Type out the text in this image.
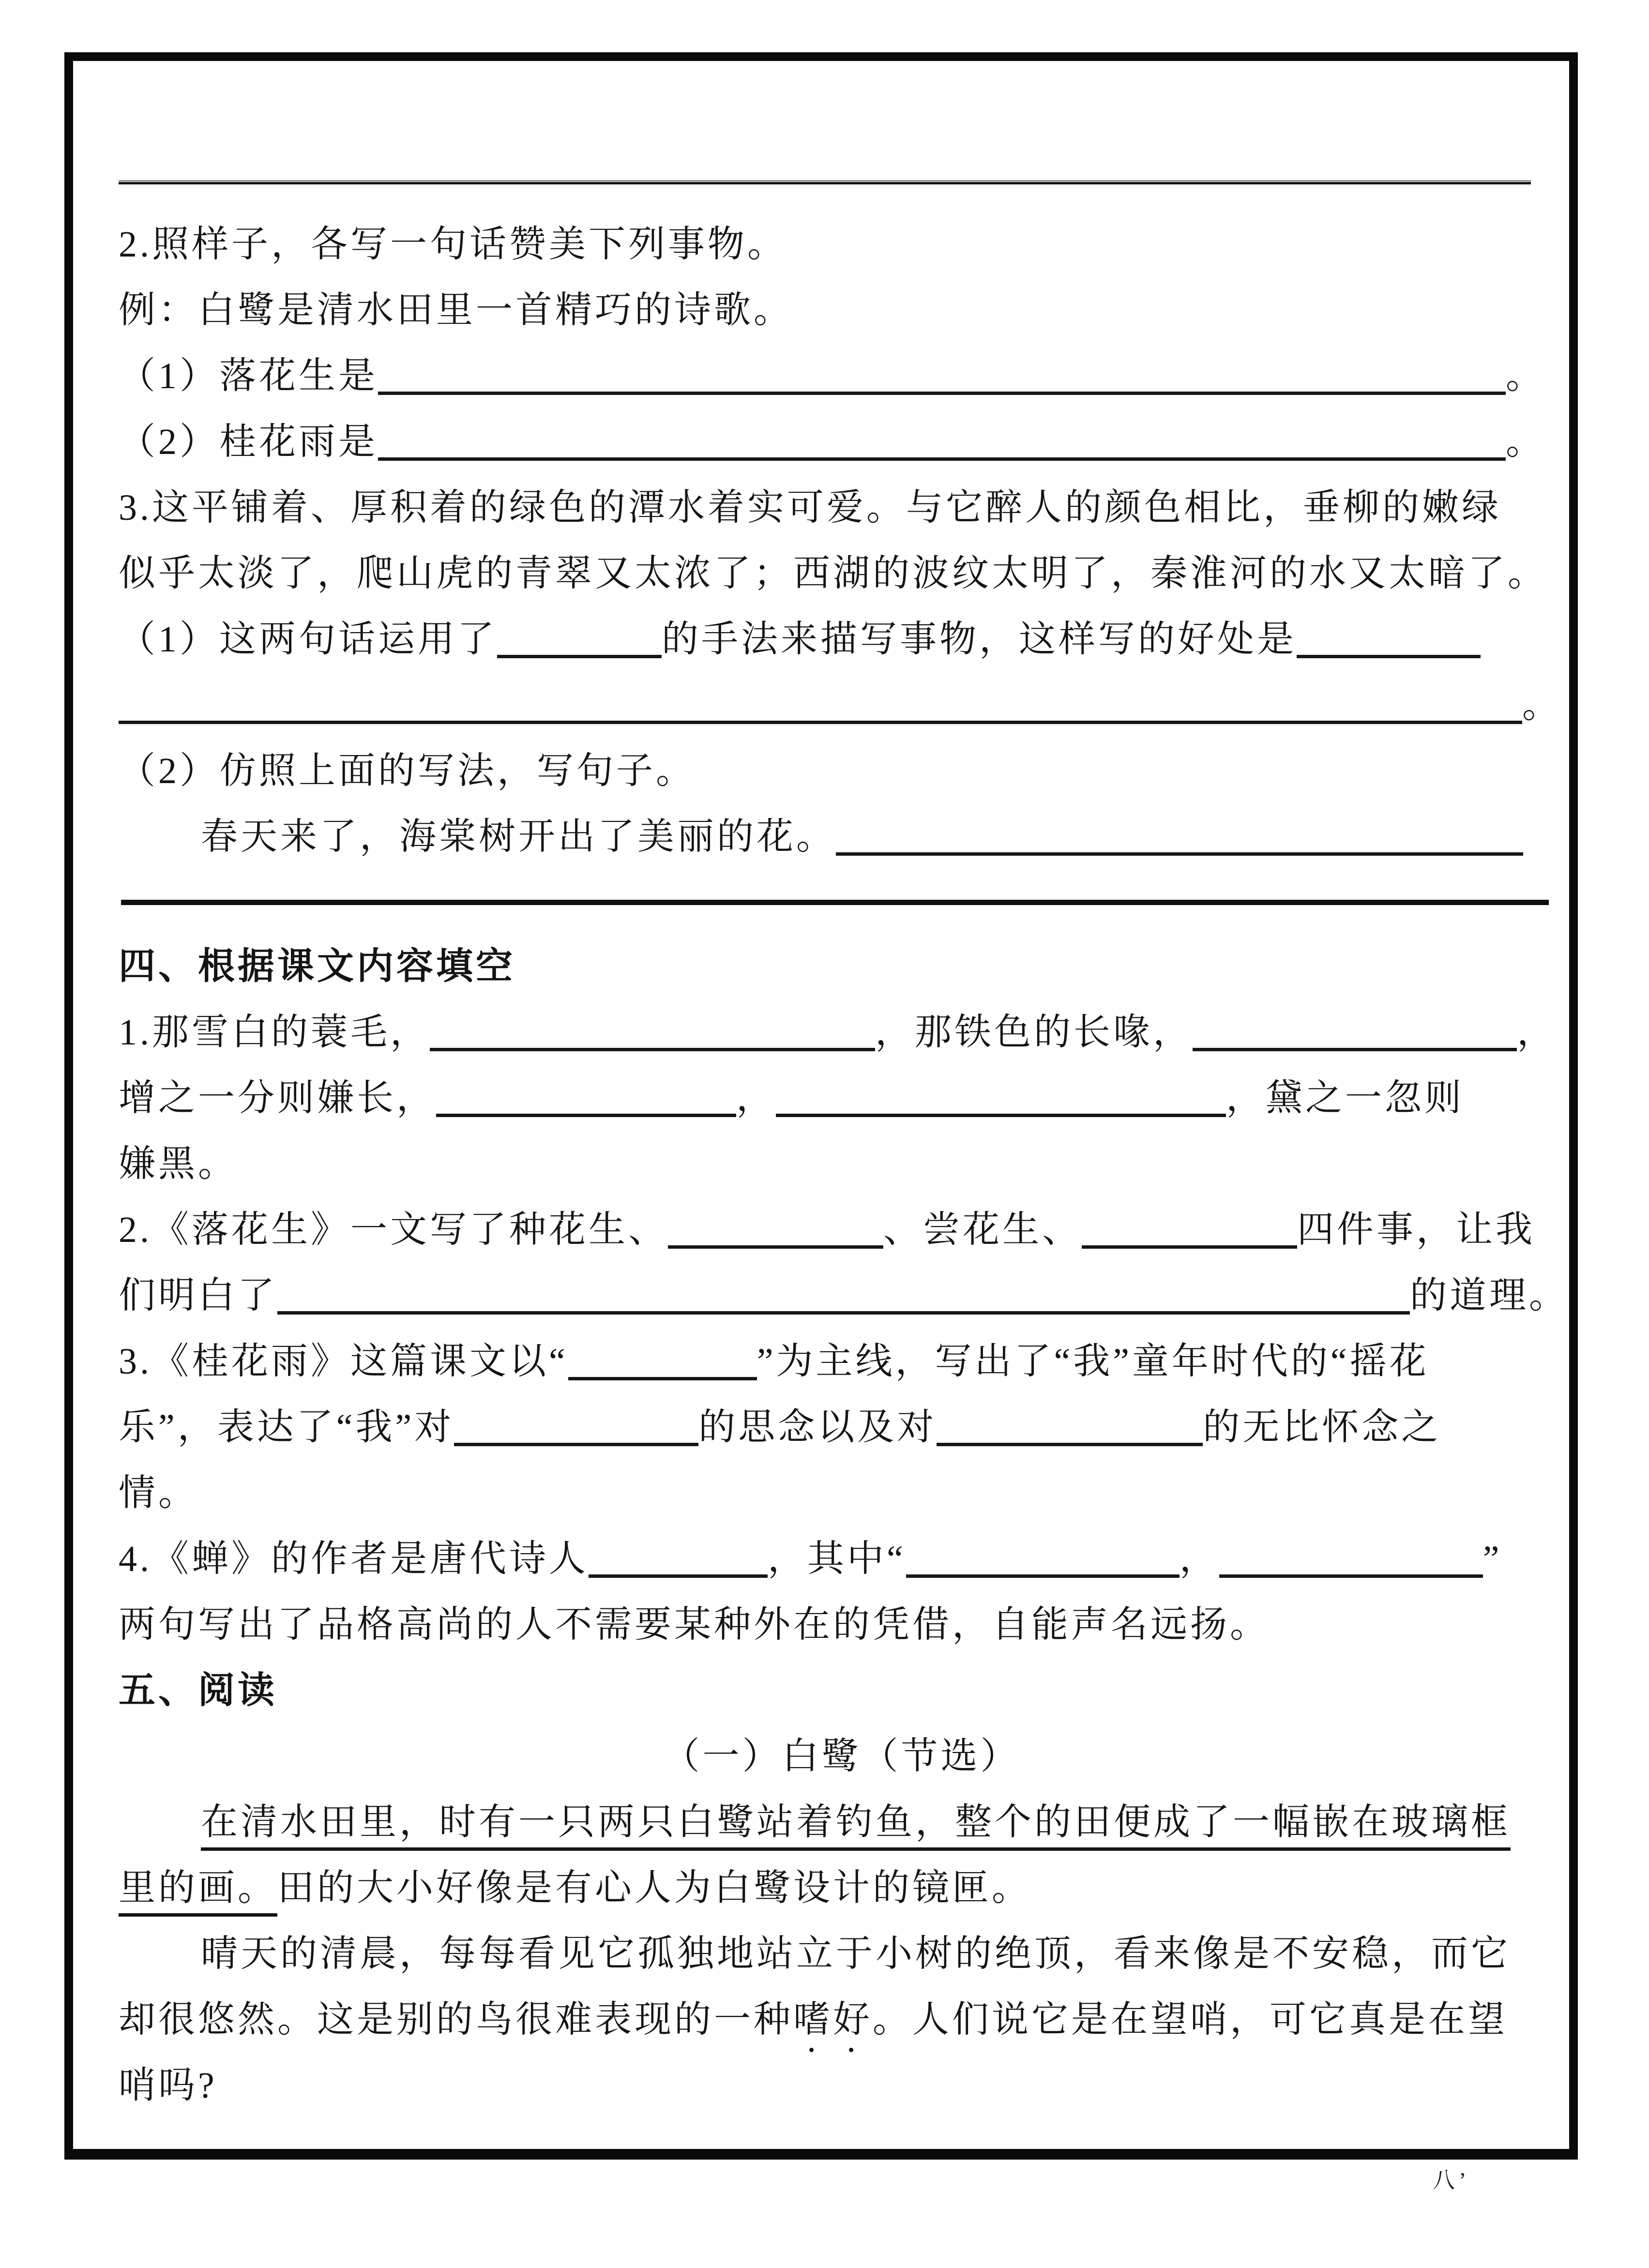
2.照样子，各写一句话赞美下列事物。
例：白鹭是清水田里一首精巧的诗歌。
（1）落花生是	。
（2）桂花雨是	。
3.这平铺着、厚积着的绿色的潭水着实可爱。与它醉人的颜色相比，垂柳的嫩绿
似乎太淡了，爬山虎的青翠又太浓了；西湖的波纹太明了，秦淮河的水又太暗了。
（1）这两句话运用了	的手法来描写事物，这样写的好处是
。
（2）仿照上面的写法，写句子。
春天来了，海棠树开出了美丽的花。
四、根据课文内容填空
1.那雪白的蓑毛，	，那铁色的长喙，	，
增之一分则嫌长，	，	，黛之一忽则
嫌黑。
2.《落花生》一文写了种花生、	、尝花生、	四件事，让我
们明白了	的道理。
3.《桂花雨》这篇课文以“	”为主线，写出了“我”童年时代的“摇花
乐”，表达了“我”对	的思念以及对	的无比怀念之
情。
4.《蝉》的作者是唐代诗人	，其中“	，	”
两句写出了品格高尚的人不需要某种外在的凭借，自能声名远扬。
五、阅读
（一）白鹭（节选）
在清水田里，时有一只两只白鹭站着钓鱼，整个的田便成了一幅嵌在玻璃框
里的画。田的大小好像是有心人为白鹭设计的镜匣。
晴天的清晨，每每看见它孤独地站立于小树的绝顶，看来像是不安稳，而它
却很悠然。这是别的鸟很难表现的一种嗜好。人们说它是在望哨，可它真是在望
哨吗?
八’
